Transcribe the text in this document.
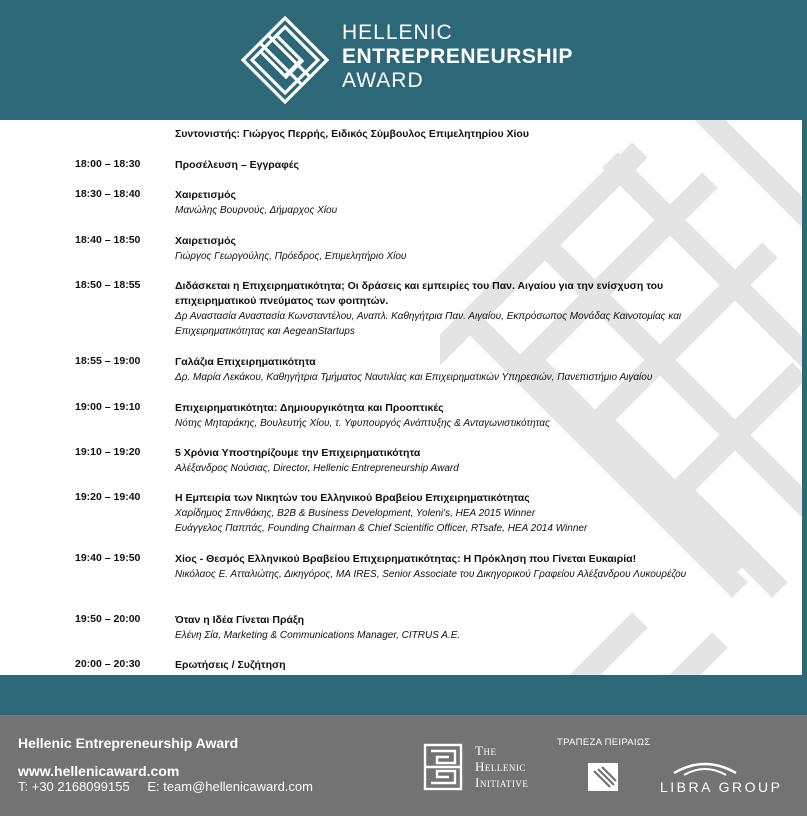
HELLENIC
ENTREPRENEURSHIP
AWARD
Συντονιστής: Γιώργος Περρής, Ειδικός Σύμβουλος Επιμελητηρίου Χίου
18:00 – 18:30	Προσέλευση – Εγγραφές
18:30 – 18:40	Χαιρετισμός
Μανώλης Βουρνούς, Δήμαρχος Χίου
18:40 – 18:50	Χαιρετισμός
Γιώργος Γεωργούλης, Πρόεδρος, Επιμελητήριο Χίου
18:50 – 18:55	Διδάσκεται η Επιχειρηματικότητα; Οι δράσεις και εμπειρίες του Παν. Αιγαίου για την ενίσχυση του επιχειρηματικού πνεύματος των φοιτητών.
Δρ Αναστασία Αναστασία Κωνσταντέλου, Αναπλ. Καθηγήτρια Παν. Αιγαίου, Εκπρόσωπος Μονάδας Καινοτομίας και Επιχειρηματικότητας και AegeanStartups
18:55 – 19:00	Γαλάζια Επιχειρηματικότητα
Δρ. Μαρία Λεκάκου, Καθηγήτρια Τμήματος Ναυτιλίας και Επιχειρηματικών Υπηρεσιών, Πανεπιστήμιο Αιγαίου
19:00 – 19:10	Επιχειρηματικότητα: Δημιουργικότητα και Προοπτικές
Νότης Μηταράκης, Βουλευτής Χίου, τ. Υφυπουργός Ανάπτυξης & Ανταγωνιστικότητας
19:10 – 19:20	5 Χρόνια Υποστηρίζουμε την Επιχειρηματικότητα
Αλέξανδρος Νούσιας, Director, Hellenic Entrepreneurship Award
19:20 – 19:40	Η Εμπειρία των Νικητών του Ελληνικού Βραβείου Επιχειρηματικότητας
Χαρίδημος Σπινθάκης, B2B & Business Development, Yoleni's, HEA 2015 Winner
Ευάγγελος Παππάς, Founding Chairman & Chief Scientific Officer, RTsafe, HEA 2014 Winner
19:40 – 19:50	Χίος - Θεσμός Ελληνικού Βραβείου Επιχειρηματικότητας: Η Πρόκληση που Γίνεται Ευκαιρία!
Νικόλαος Ε. Ατταλιώτης, Δικηγόρος, MA IRES, Senior Associate του Δικηγορικού Γραφείου Αλέξανδρου Λυκουρέζου
19:50 – 20:00	Όταν η Ιδέα Γίνεται Πράξη
Ελένη Σία, Marketing & Communications Manager, CITRUS A.E.
20:00 – 20:30	Ερωτήσεις / Συζήτηση
Hellenic Entrepreneurship Award
www.hellenicaward.com
T: +30 2168099155 E: team@hellenicaward.com
The
Hellenic
Initiative
ΤΡΑΠΕΖΑ ΠΕΙΡΑΙΩΣ
LIBRA GROUP
